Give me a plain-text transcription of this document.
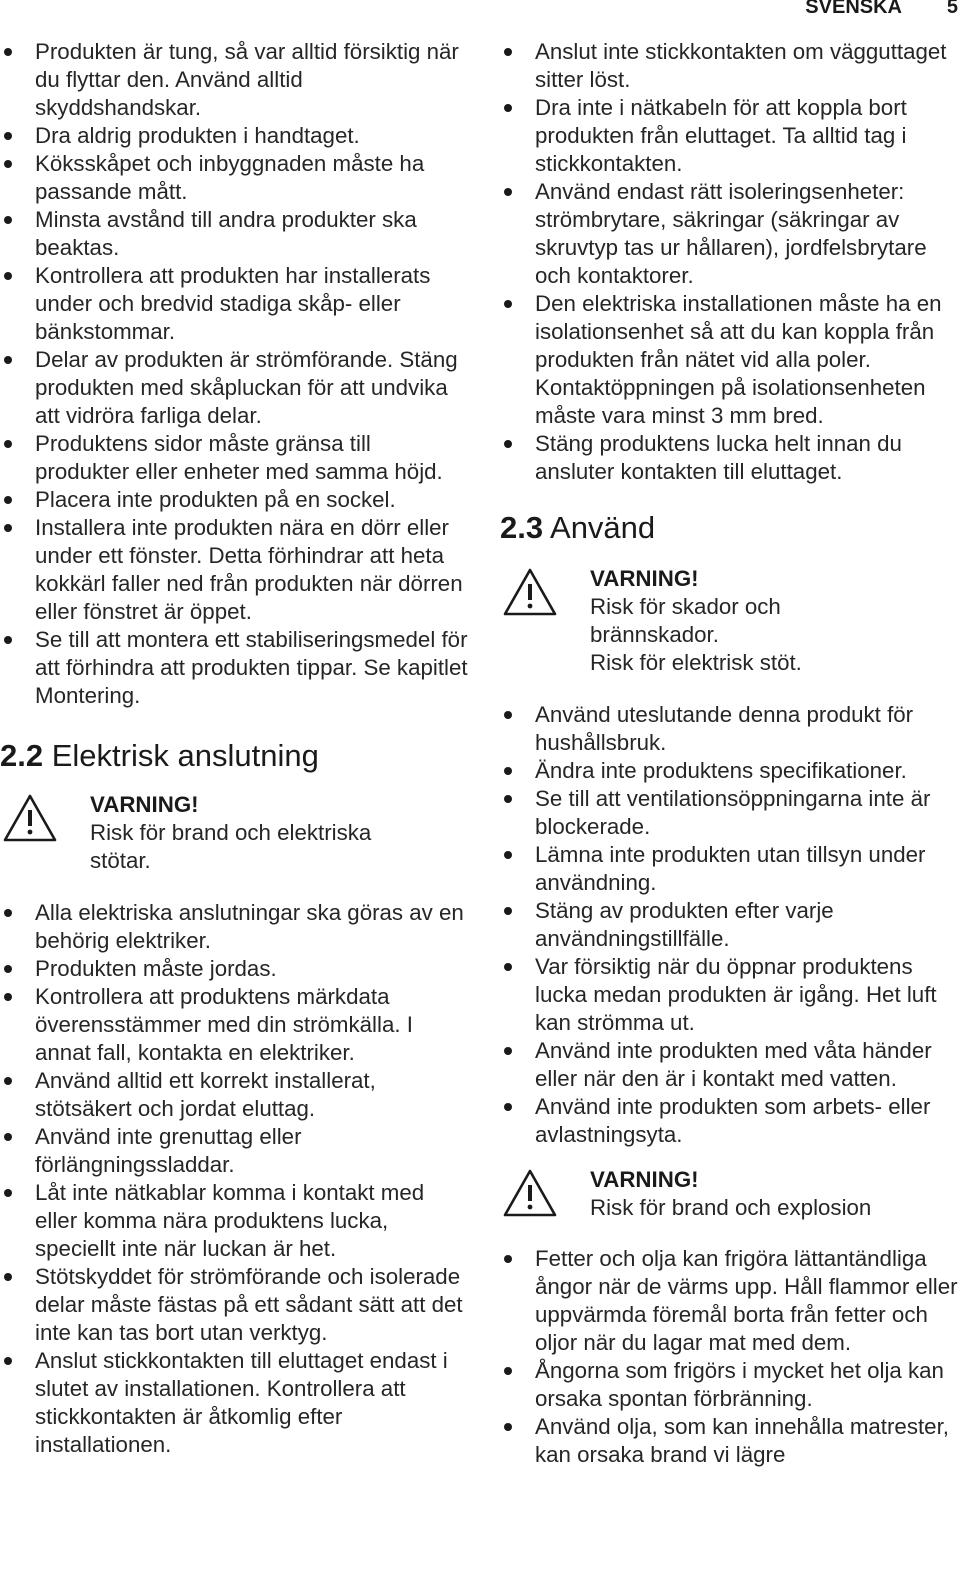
SVENSKA 5
Produkten är tung, så var alltid försiktig när du flyttar den. Använd alltid skyddshandskar.
Dra aldrig produkten i handtaget.
Köksskåpet och inbyggnaden måste ha passande mått.
Minsta avstånd till andra produkter ska beaktas.
Kontrollera att produkten har installerats under och bredvid stadiga skåp- eller bänkstommar.
Delar av produkten är strömförande. Stäng produkten med skåpluckan för att undvika att vidröra farliga delar.
Produktens sidor måste gränsa till produkter eller enheter med samma höjd.
Placera inte produkten på en sockel.
Installera inte produkten nära en dörr eller under ett fönster. Detta förhindrar att heta kokkärl faller ned från produkten när dörren eller fönstret är öppet.
Se till att montera ett stabiliseringsmedel för att förhindra att produkten tippar. Se kapitlet Montering.
2.2 Elektrisk anslutning
VARNING!
Risk för brand och elektriska stötar.
Alla elektriska anslutningar ska göras av en behörig elektriker.
Produkten måste jordas.
Kontrollera att produktens märkdata överensstämmer med din strömkälla. I annat fall, kontakta en elektriker.
Använd alltid ett korrekt installerat, stötsäkert och jordat eluttag.
Använd inte grenuttag eller förlängningssladdar.
Låt inte nätkablar komma i kontakt med eller komma nära produktens lucka, speciellt inte när luckan är het.
Stötskyddet för strömförande och isolerade delar måste fästas på ett sådant sätt att det inte kan tas bort utan verktyg.
Anslut stickkontakten till eluttaget endast i slutet av installationen. Kontrollera att stickkontakten är åtkomlig efter installationen.
Anslut inte stickkontakten om vägguttaget sitter löst.
Dra inte i nätkabeln för att koppla bort produkten från eluttaget. Ta alltid tag i stickkontakten.
Använd endast rätt isoleringsenheter: strömbrytare, säkringar (säkringar av skruvtyp tas ur hållaren), jordfelsbrytare och kontaktorer.
Den elektriska installationen måste ha en isolationsenhet så att du kan koppla från produkten från nätet vid alla poler. Kontaktöppningen på isolationsenheten måste vara minst 3 mm bred.
Stäng produktens lucka helt innan du ansluter kontakten till eluttaget.
2.3 Använd
VARNING!
Risk för skador och brännskador.
Risk för elektrisk stöt.
Använd uteslutande denna produkt för hushållsbruk.
Ändra inte produktens specifikationer.
Se till att ventilationsöppningarna inte är blockerade.
Lämna inte produkten utan tillsyn under användning.
Stäng av produkten efter varje användningstillfälle.
Var försiktig när du öppnar produktens lucka medan produkten är igång. Het luft kan strömma ut.
Använd inte produkten med våta händer eller när den är i kontakt med vatten.
Använd inte produkten som arbets- eller avlastningsyta.
VARNING!
Risk för brand och explosion
Fetter och olja kan frigöra lättantändliga ångor när de värms upp. Håll flammor eller uppvärmda föremål borta från fetter och oljor när du lagar mat med dem.
Ångorna som frigörs i mycket het olja kan orsaka spontan förbränning.
Använd olja, som kan innehålla matrester, kan orsaka brand vi lägre
